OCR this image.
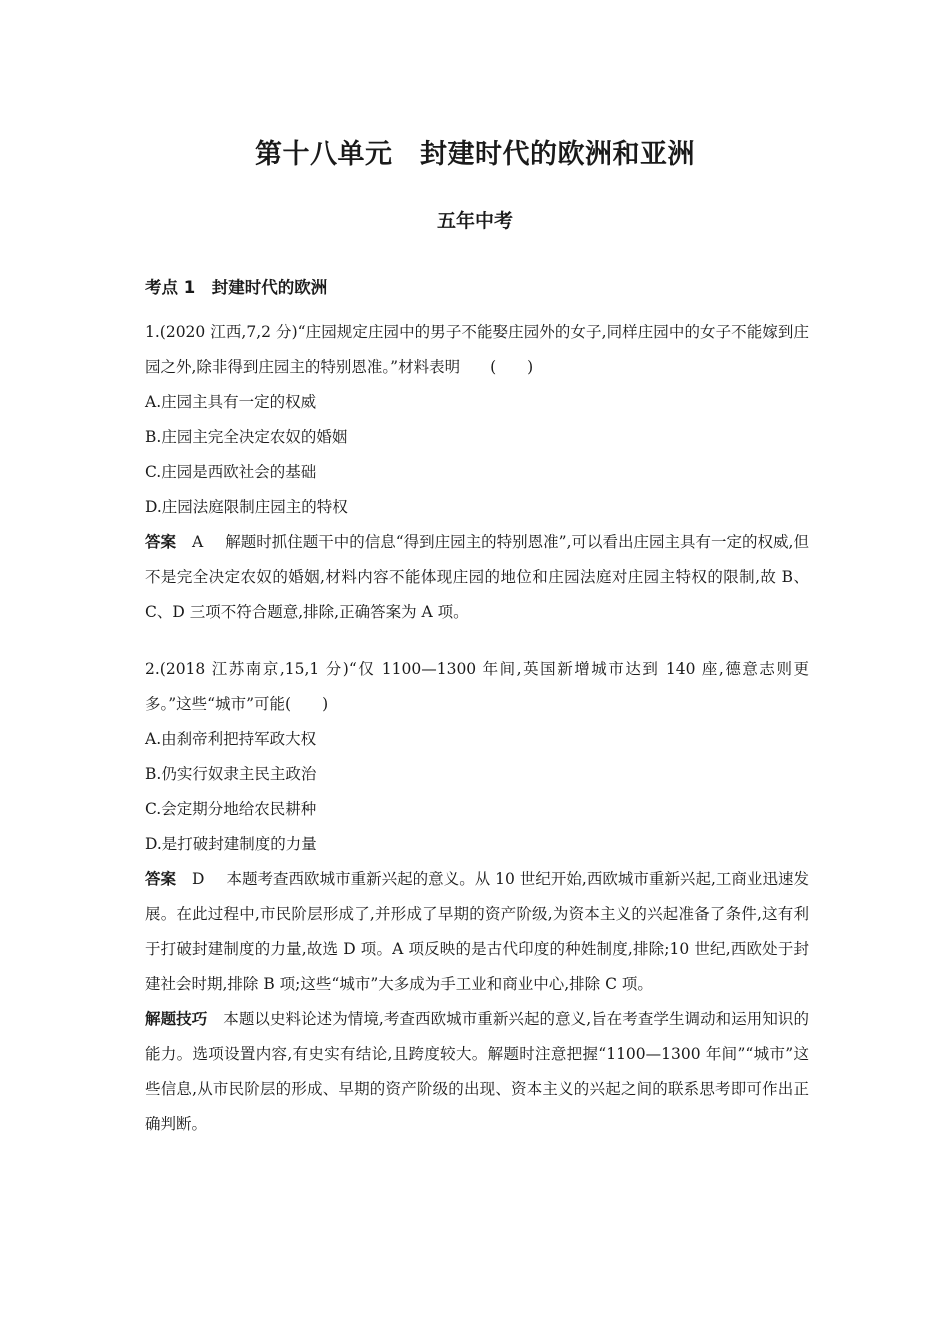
第十八单元　封建时代的欧洲和亚洲
五年中考
考点 1　封建时代的欧洲

1.(2020 江西,7,2 分)“庄园规定庄园中的男子不能娶庄园外的女子,同样庄园中的女子不能嫁到庄园之外,除非得到庄园主的特别恩准。”材料表明 (　　)

A.庄园主具有一定的权威

B.庄园主完全决定农奴的婚姻

C.庄园是西欧社会的基础

D.庄园法庭限制庄园主的特权

答案 A 解题时抓住题干中的信息“得到庄园主的特别恩准”,可以看出庄园主具有一定的权威,但不是完全决定农奴的婚姻,材料内容不能体现庄园的地位和庄园法庭对庄园主特权的限制,故 B、C、D 三项不符合题意,排除,正确答案为 A 项。

2.(2018 江苏南京,15,1 分)“仅 1100—1300 年间,英国新增城市达到 140 座,德意志则更多。”这些“城市”可能(　　)

A.由刹帝利把持军政大权

B.仍实行奴隶主民主政治

C.会定期分地给农民耕种

D.是打破封建制度的力量

答案 D 本题考查西欧城市重新兴起的意义。从 10 世纪开始,西欧城市重新兴起,工商业迅速发展。在此过程中,市民阶层形成了,并形成了早期的资产阶级,为资本主义的兴起准备了条件,这有利于打破封建制度的力量,故选 D 项。A 项反映的是古代印度的种姓制度,排除;10 世纪,西欧处于封建社会时期,排除 B 项;这些“城市”大多成为手工业和商业中心,排除 C 项。

解题技巧 本题以史料论述为情境,考查西欧城市重新兴起的意义,旨在考查学生调动和运用知识的能力。选项设置内容,有史实有结论,且跨度较大。解题时注意把握“1100—1300 年间”“城市”这些信息,从市民阶层的形成、早期的资产阶级的出现、资本主义的兴起之间的联系思考即可作出正确判断。
